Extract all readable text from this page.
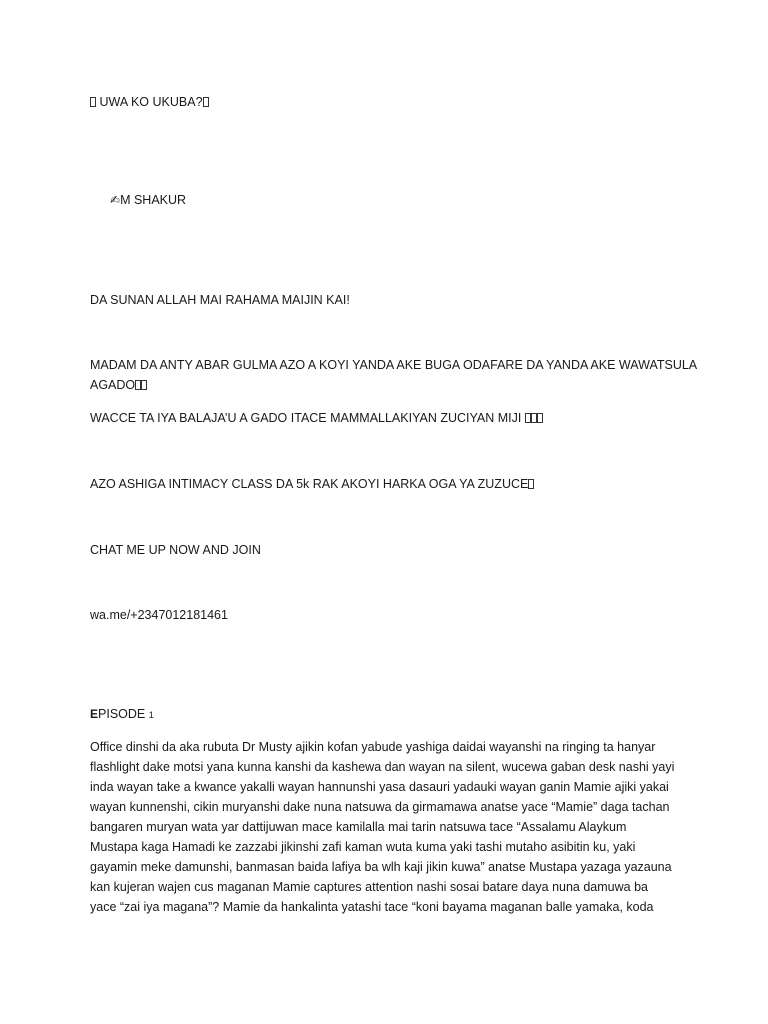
UWA KO UKUBA?
✍M SHAKUR
DA SUNAN ALLAH MAI RAHAMA MAIJIN KAI!
MADAM DA ANTY ABAR GULMA AZO A KOYI YANDA AKE BUGA ODAFARE DA YANDA AKE WAWATSULA
AGADO
WACCE TA IYA BALAJA’U A GADO ITACE MAMMALLAKIYAN ZUCIYAN MIJI
AZO ASHIGA INTIMACY CLASS DA 5k RAK AKOYI HARKA OGA YA ZUZUCE
CHAT ME UP NOW AND JOIN
wa.me/+2347012181461
EPISODE 1
Office dinshi da aka rubuta Dr Musty ajikin kofan yabude yashiga daidai wayanshi na ringing ta hanyar
flashlight dake motsi yana kunna kanshi da kashewa dan wayan na silent, wucewa gaban desk nashi yayi
inda wayan take a kwance yakalli wayan hannunshi yasa dasauri yadauki wayan ganin Mamie ajiki yakai
wayan kunnenshi, cikin muryanshi dake nuna natsuwa da girmamawa anatse yace “Mamie” daga tachan
bangaren muryan wata yar dattijuwan mace kamilalla mai tarin natsuwa tace “Assalamu Alaykum
Mustapa kaga Hamadi ke zazzabi jikinshi zafi kaman wuta kuma yaki tashi mutaho asibitin ku, yaki
gayamin meke damunshi, banmasan baida lafiya ba wlh kaji jikin kuwa” anatse Mustapa yazaga yazauna
kan kujeran wajen cus maganan Mamie captures attention nashi sosai batare daya nuna damuwa ba
yace “zai iya magana”? Mamie da hankalinta yatashi tace “koni bayama maganan balle yamaka, koda
